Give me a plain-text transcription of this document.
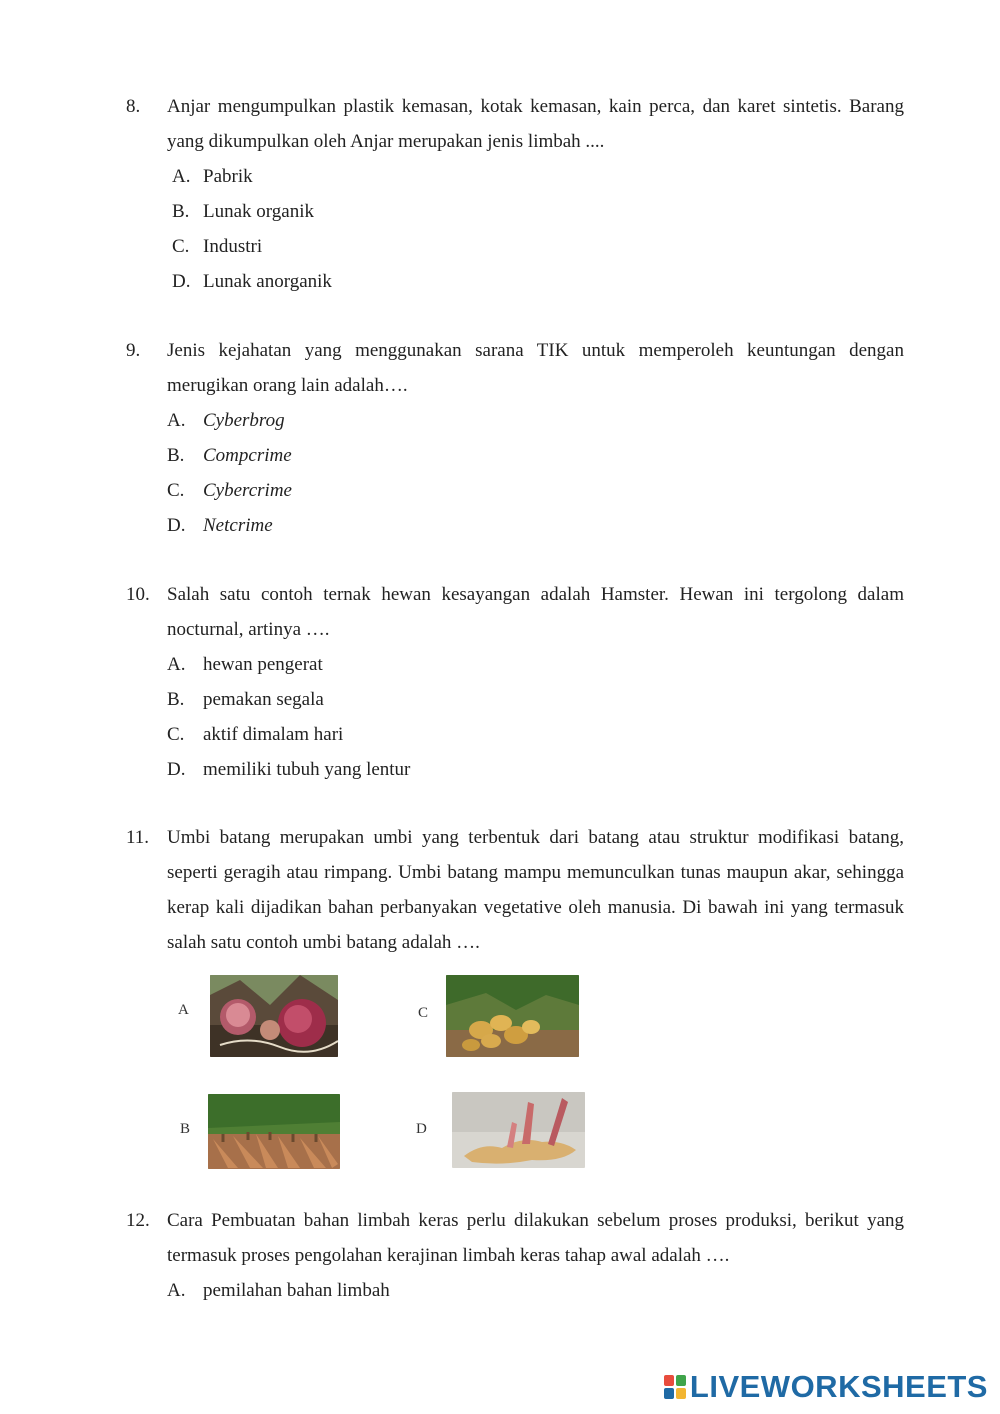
8. Anjar mengumpulkan plastik kemasan, kotak kemasan, kain perca, dan karet sintetis. Barang yang dikumpulkan oleh Anjar merupakan jenis limbah ....
A. Pabrik
B. Lunak organik
C. Industri
D. Lunak anorganik
9. Jenis kejahatan yang menggunakan sarana TIK untuk memperoleh keuntungan dengan merugikan orang lain adalah….
A. Cyberbrog
B. Compcrime
C. Cybercrime
D. Netcrime
10. Salah satu contoh ternak hewan kesayangan adalah Hamster. Hewan ini tergolong dalam nocturnal, artinya ….
A. hewan pengerat
B. pemakan segala
C. aktif dimalam hari
D. memiliki tubuh yang lentur
11. Umbi batang merupakan umbi yang terbentuk dari batang atau struktur modifikasi batang, seperti geragih atau rimpang. Umbi batang mampu memunculkan tunas maupun akar, sehingga kerap kali dijadikan bahan perbanyakan vegetative oleh manusia. Di bawah ini yang termasuk salah satu contoh umbi batang adalah ….
A	C
B	D
12. Cara Pembuatan bahan limbah keras perlu dilakukan sebelum proses produksi, berikut yang termasuk proses pengolahan kerajinan limbah keras tahap awal adalah ….
A. pemilahan bahan limbah
LIVEWORKSHEETS
